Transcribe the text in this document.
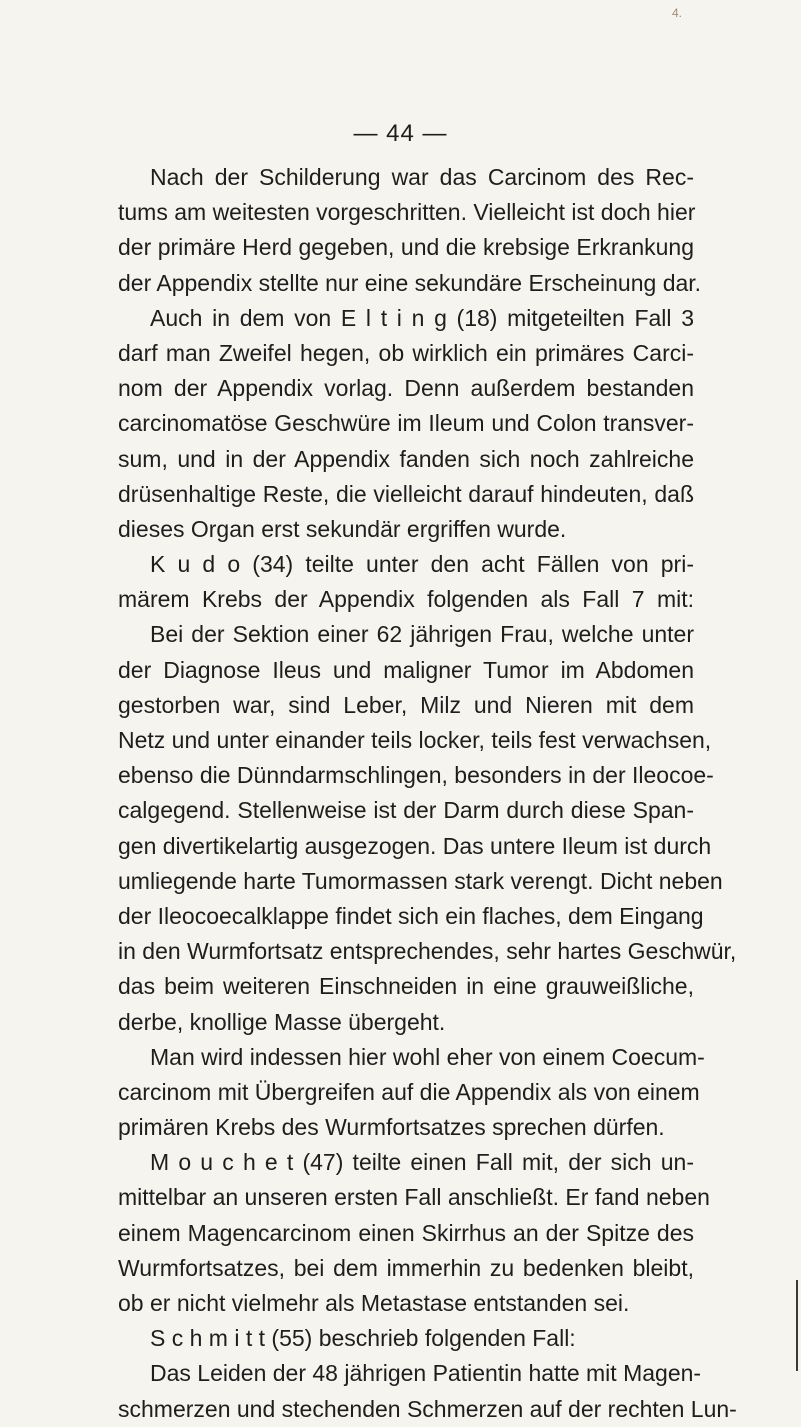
4.
— 44 —
Nach der Schilderung war das Carcinom des Rec-
tums am weitesten vorgeschritten. Vielleicht ist doch hier
der primäre Herd gegeben, und die krebsige Erkrankung
der Appendix stellte nur eine sekundäre Erscheinung dar.
Auch in dem von E l t i n g (18) mitgeteilten Fall 3
darf man Zweifel hegen, ob wirklich ein primäres Carci-
nom der Appendix vorlag. Denn außerdem bestanden
carcinomatöse Geschwüre im Ileum und Colon transver-
sum, und in der Appendix fanden sich noch zahlreiche
drüsenhaltige Reste, die vielleicht darauf hindeuten, daß
dieses Organ erst sekundär ergriffen wurde.
K u d o (34) teilte unter den acht Fällen von pri-
märem Krebs der Appendix folgenden als Fall 7 mit:
Bei der Sektion einer 62 jährigen Frau, welche unter
der Diagnose Ileus und maligner Tumor im Abdomen
gestorben war, sind Leber, Milz und Nieren mit dem
Netz und unter einander teils locker, teils fest verwachsen,
ebenso die Dünndarmschlingen, besonders in der Ileocoe-
calgegend. Stellenweise ist der Darm durch diese Span-
gen divertikelartig ausgezogen. Das untere Ileum ist durch
umliegende harte Tumormassen stark verengt. Dicht neben
der Ileocoecalklappe findet sich ein flaches, dem Eingang
in den Wurmfortsatz entsprechendes, sehr hartes Geschwür,
das beim weiteren Einschneiden in eine grauweißliche,
derbe, knollige Masse übergeht.
Man wird indessen hier wohl eher von einem Coecum-
carcinom mit Übergreifen auf die Appendix als von einem
primären Krebs des Wurmfortsatzes sprechen dürfen.
M o u c h e t (47) teilte einen Fall mit, der sich un-
mittelbar an unseren ersten Fall anschließt. Er fand neben
einem Magencarcinom einen Skirrhus an der Spitze des
Wurmfortsatzes, bei dem immerhin zu bedenken bleibt,
ob er nicht vielmehr als Metastase entstanden sei.
S c h m i t t (55) beschrieb folgenden Fall:
Das Leiden der 48 jährigen Patientin hatte mit Magen-
schmerzen und stechenden Schmerzen auf der rechten Lun-
